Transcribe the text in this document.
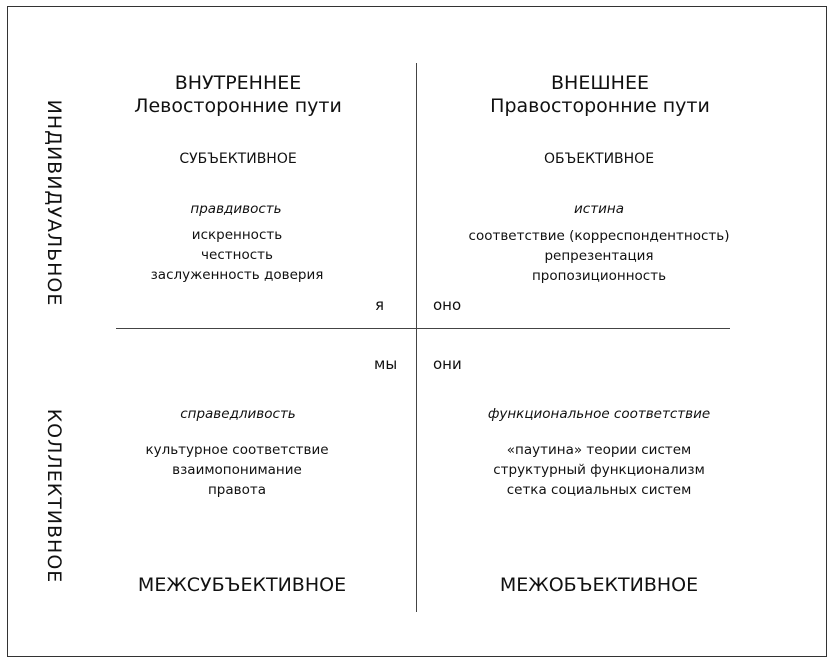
ИНДИВИДУАЛЬНОЕ
КОЛЛЕКТИВНОЕ
ВНУТРЕННЕЕ
Левосторонние пути
СУБЪЕКТИВНОЕ
правдивость
искренность
честность
заслуженность доверия
я
ВНЕШНЕЕ
Правосторонние пути
ОБЪЕКТИВНОЕ
истина
соответствие (корреспондентность)
репрезентация
пропозиционность
оно
мы
справедливость
культурное соответствие
взаимопонимание
правота
МЕЖСУБЪЕКТИВНОЕ
они
функциональное соответствие
«паутина» теории систем
структурный функционализм
сетка социальных систем
МЕЖОБЪЕКТИВНОЕ
